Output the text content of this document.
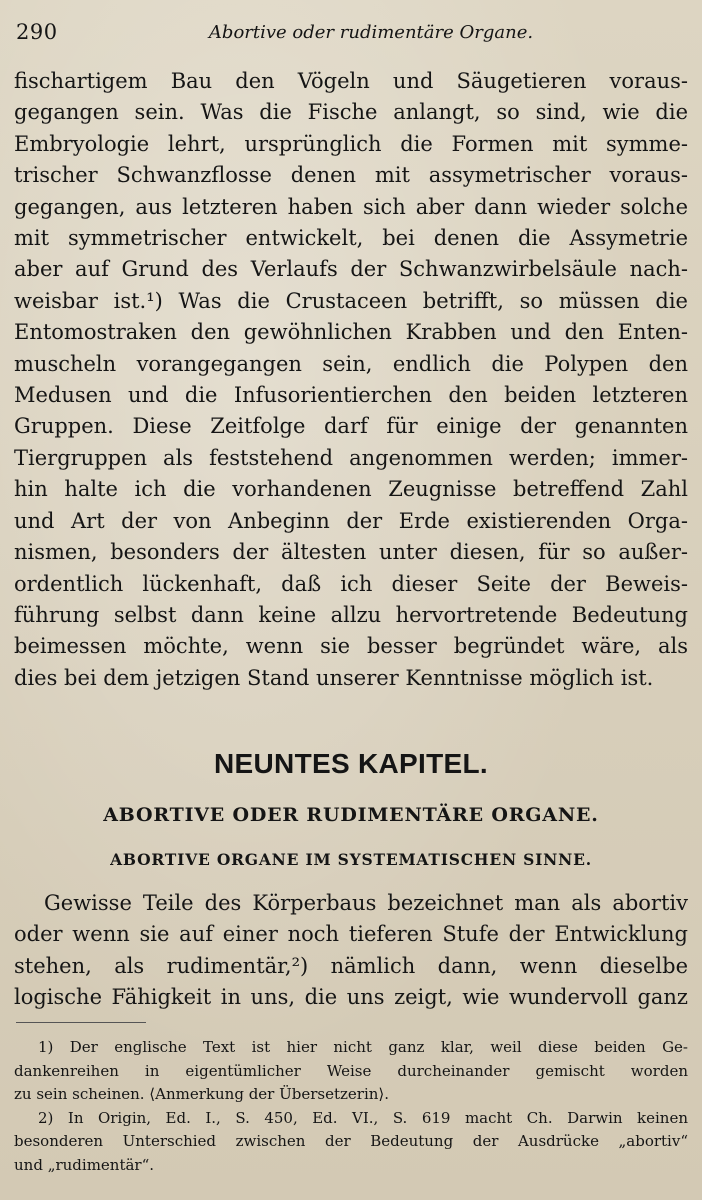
290	Abortive oder rudimentäre Organe.

fischartigem Bau den Vögeln und Säugetieren voraus-
gegangen sein. Was die Fische anlangt, so sind, wie die
Embryologie lehrt, ursprünglich die Formen mit symme-
trischer Schwanzflosse denen mit assymetrischer voraus-
gegangen, aus letzteren haben sich aber dann wieder solche
mit symmetrischer entwickelt, bei denen die Assymetrie
aber auf Grund des Verlaufs der Schwanzwirbelsäule nach-
weisbar ist.¹) Was die Crustaceen betrifft, so müssen die
Entomostraken den gewöhnlichen Krabben und den Enten-
muscheln vorangegangen sein, endlich die Polypen den
Medusen und die Infusorientierchen den beiden letzteren
Gruppen. Diese Zeitfolge darf für einige der genannten
Tiergruppen als feststehend angenommen werden; immer-
hin halte ich die vorhandenen Zeugnisse betreffend Zahl
und Art der von Anbeginn der Erde existierenden Orga-
nismen, besonders der ältesten unter diesen, für so außer-
ordentlich lückenhaft, daß ich dieser Seite der Beweis-
führung selbst dann keine allzu hervortretende Bedeutung
beimessen möchte, wenn sie besser begründet wäre, als
dies bei dem jetzigen Stand unserer Kenntnisse möglich ist.

NEUNTES KAPITEL.
ABORTIVE ODER RUDIMENTÄRE ORGANE.
ABORTIVE ORGANE IM SYSTEMATISCHEN SINNE.

Gewisse Teile des Körperbaus bezeichnet man als abortiv
oder wenn sie auf einer noch tieferen Stufe der Entwicklung
stehen, als rudimentär,²) nämlich dann, wenn dieselbe
logische Fähigkeit in uns, die uns zeigt, wie wundervoll ganz

1) Der englische Text ist hier nicht ganz klar, weil diese beiden Ge-
dankenreihen in eigentümlicher Weise durcheinander gemischt worden
zu sein scheinen. ⟨Anmerkung der Übersetzerin⟩.
2) In Origin, Ed. I., S. 450, Ed. VI., S. 619 macht Ch. Darwin keinen
besonderen Unterschied zwischen der Bedeutung der Ausdrücke „abortiv“
und „rudimentär“.
